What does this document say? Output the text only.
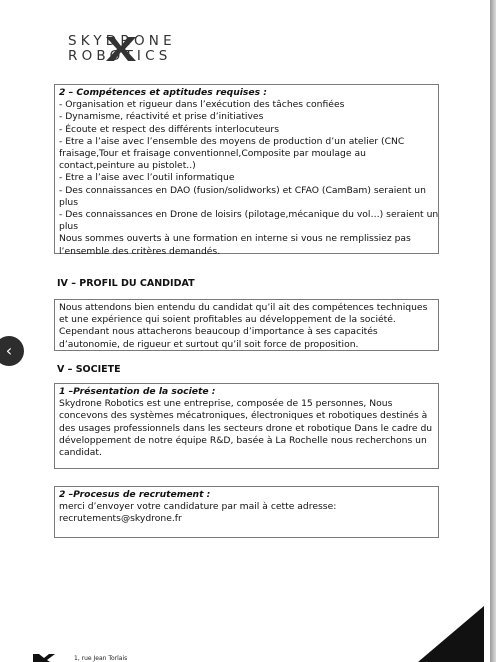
SKYDRONE
ROBOTICS
2 – Compétences et aptitudes requises :
- Organisation et rigueur dans l’exécution des tâches confiées
- Dynamisme, réactivité et prise d’initiatives
- Écoute et respect des différents interlocuteurs
- Etre a l’aise avec l’ensemble des moyens de production d’un atelier (CNC
fraisage,Tour et fraisage conventionnel,Composite par moulage au
contact,peinture au pistolet..)
- Etre a l’aise avec l’outil informatique
- Des connaissances en DAO (fusion/solidworks) et CFAO (CamBam) seraient un
plus
- Des connaissances en Drone de loisirs (pilotage,mécanique du vol…) seraient un
plus
Nous sommes ouverts à une formation en interne si vous ne remplissiez pas
l’ensemble des critères demandés.
IV – PROFIL DU CANDIDAT
Nous attendons bien entendu du candidat qu’il ait des compétences techniques
et une expérience qui soient profitables au développement de la société.
Cependant nous attacherons beaucoup d’importance à ses capacités
d’autonomie, de rigueur et surtout qu’il soit force de proposition.
V – SOCIETE
1 –Présentation de la societe :
Skydrone Robotics est une entreprise, composée de 15 personnes, Nous
concevons des systèmes mécatroniques, électroniques et robotiques destinés à
des usages professionnels dans les secteurs drone et robotique Dans le cadre du
développement de notre équipe R&D, basée à La Rochelle nous recherchons un
candidat.
2 –Procesus de recrutement :
merci d’envoyer votre candidature par mail à cette adresse:
recrutements@skydrone.fr
1, rue Jean Torlais
‹
